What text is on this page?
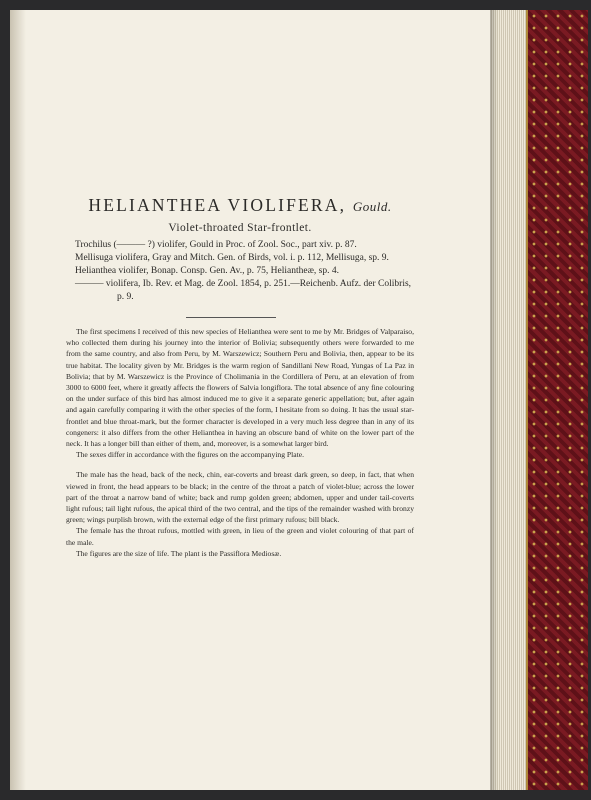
HELIANTHEA VIOLIFERA, Gould.
Violet-throated Star-frontlet.
Trochilus (——— ?) violifer, Gould in Proc. of Zool. Soc., part xiv. p. 87.
Mellisuga violifera, Gray and Mitch. Gen. of Birds, vol. i. p. 112, Mellisuga, sp. 9.
Helianthea violifer, Bonap. Consp. Gen. Av., p. 75, Heliantheæ, sp. 4.
——— violifera, Ib. Rev. et Mag. de Zool. 1854, p. 251.—Reichenb. Aufz. der Colibris,
p. 9.

The first specimens I received of this new species of Helianthea were sent to me by Mr. Bridges of Valparaiso, who collected them during his journey into the interior of Bolivia; subsequently others were forwarded to me from the same country, and also from Peru, by M. Warszewicz; Southern Peru and Bolivia, then, appear to be its true habitat. The locality given by Mr. Bridges is the warm region of Sandillani New Road, Yungas of La Paz in Bolivia; that by M. Warszewicz is the Province of Cholimania in the Cordillera of Peru, at an elevation of from 3000 to 6000 feet, where it greatly affects the flowers of Salvia longiflora. The total absence of any fine colouring on the under surface of this bird has almost induced me to give it a separate generic appellation; but, after again and again carefully comparing it with the other species of the form, I hesitate from so doing. It has the usual star-frontlet and blue throat-mark, but the former character is developed in a very much less degree than in any of its congeners: it also differs from the other Helianthea in having an obscure band of white on the lower part of the neck. It has a longer bill than either of them, and, moreover, is a somewhat larger bird.

The sexes differ in accordance with the figures on the accompanying Plate.

The male has the head, back of the neck, chin, ear-coverts and breast dark green, so deep, in fact, that when viewed in front, the head appears to be black; in the centre of the throat a patch of violet-blue; across the lower part of the throat a narrow band of white; back and rump golden green; abdomen, upper and under tail-coverts light rufous; tail light rufous, the apical third of the two central, and the tips of the remainder washed with bronzy green; wings purplish brown, with the external edge of the first primary rufous; bill black.

The female has the throat rufous, mottled with green, in lieu of the green and violet colouring of that part of the male.

The figures are the size of life. The plant is the Passiflora Mediosæ.
